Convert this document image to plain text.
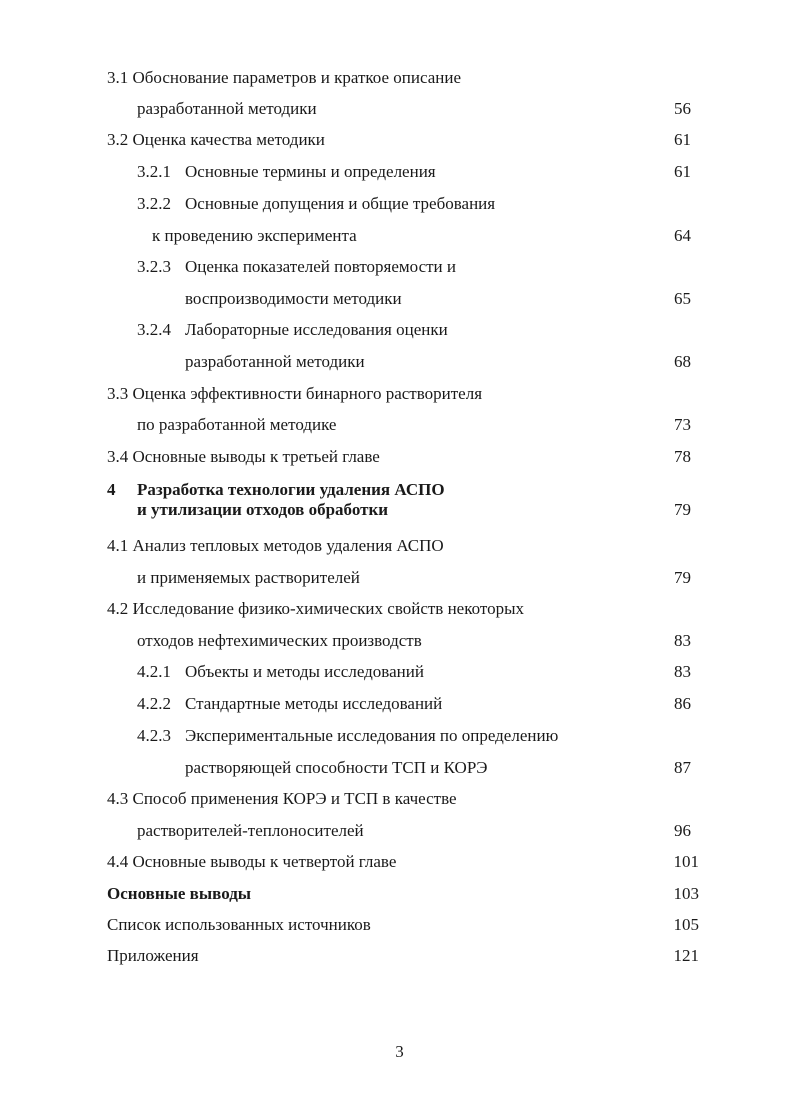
3.1 Обоснование параметров и краткое описание
разработанной методики	56
3.2 Оценка качества методики	61
3.2.1 Основные термины и определения	61
3.2.2 Основные допущения и общие требования
к проведению эксперимента	64
3.2.3 Оценка показателей повторяемости и
воспроизводимости методики	65
3.2.4 Лабораторные исследования оценки
разработанной методики	68
3.3 Оценка эффективности бинарного растворителя
по разработанной методике	73
3.4 Основные выводы к третьей главе	78
4 Разработка технологии удаления АСПО
и утилизации отходов обработки	79
4.1 Анализ тепловых методов удаления АСПО
и применяемых растворителей	79
4.2 Исследование физико-химических свойств некоторых
отходов нефтехимических производств	83
4.2.1 Объекты и методы исследований	83
4.2.2 Стандартные методы исследований	86
4.2.3 Экспериментальные исследования по определению
растворяющей способности ТСП и КОРЭ	87
4.3 Способ применения КОРЭ и ТСП в качестве
растворителей-теплоносителей	96
4.4 Основные выводы к четвертой главе	101
Основные выводы	103
Список использованных источников	105
Приложения	121
3
